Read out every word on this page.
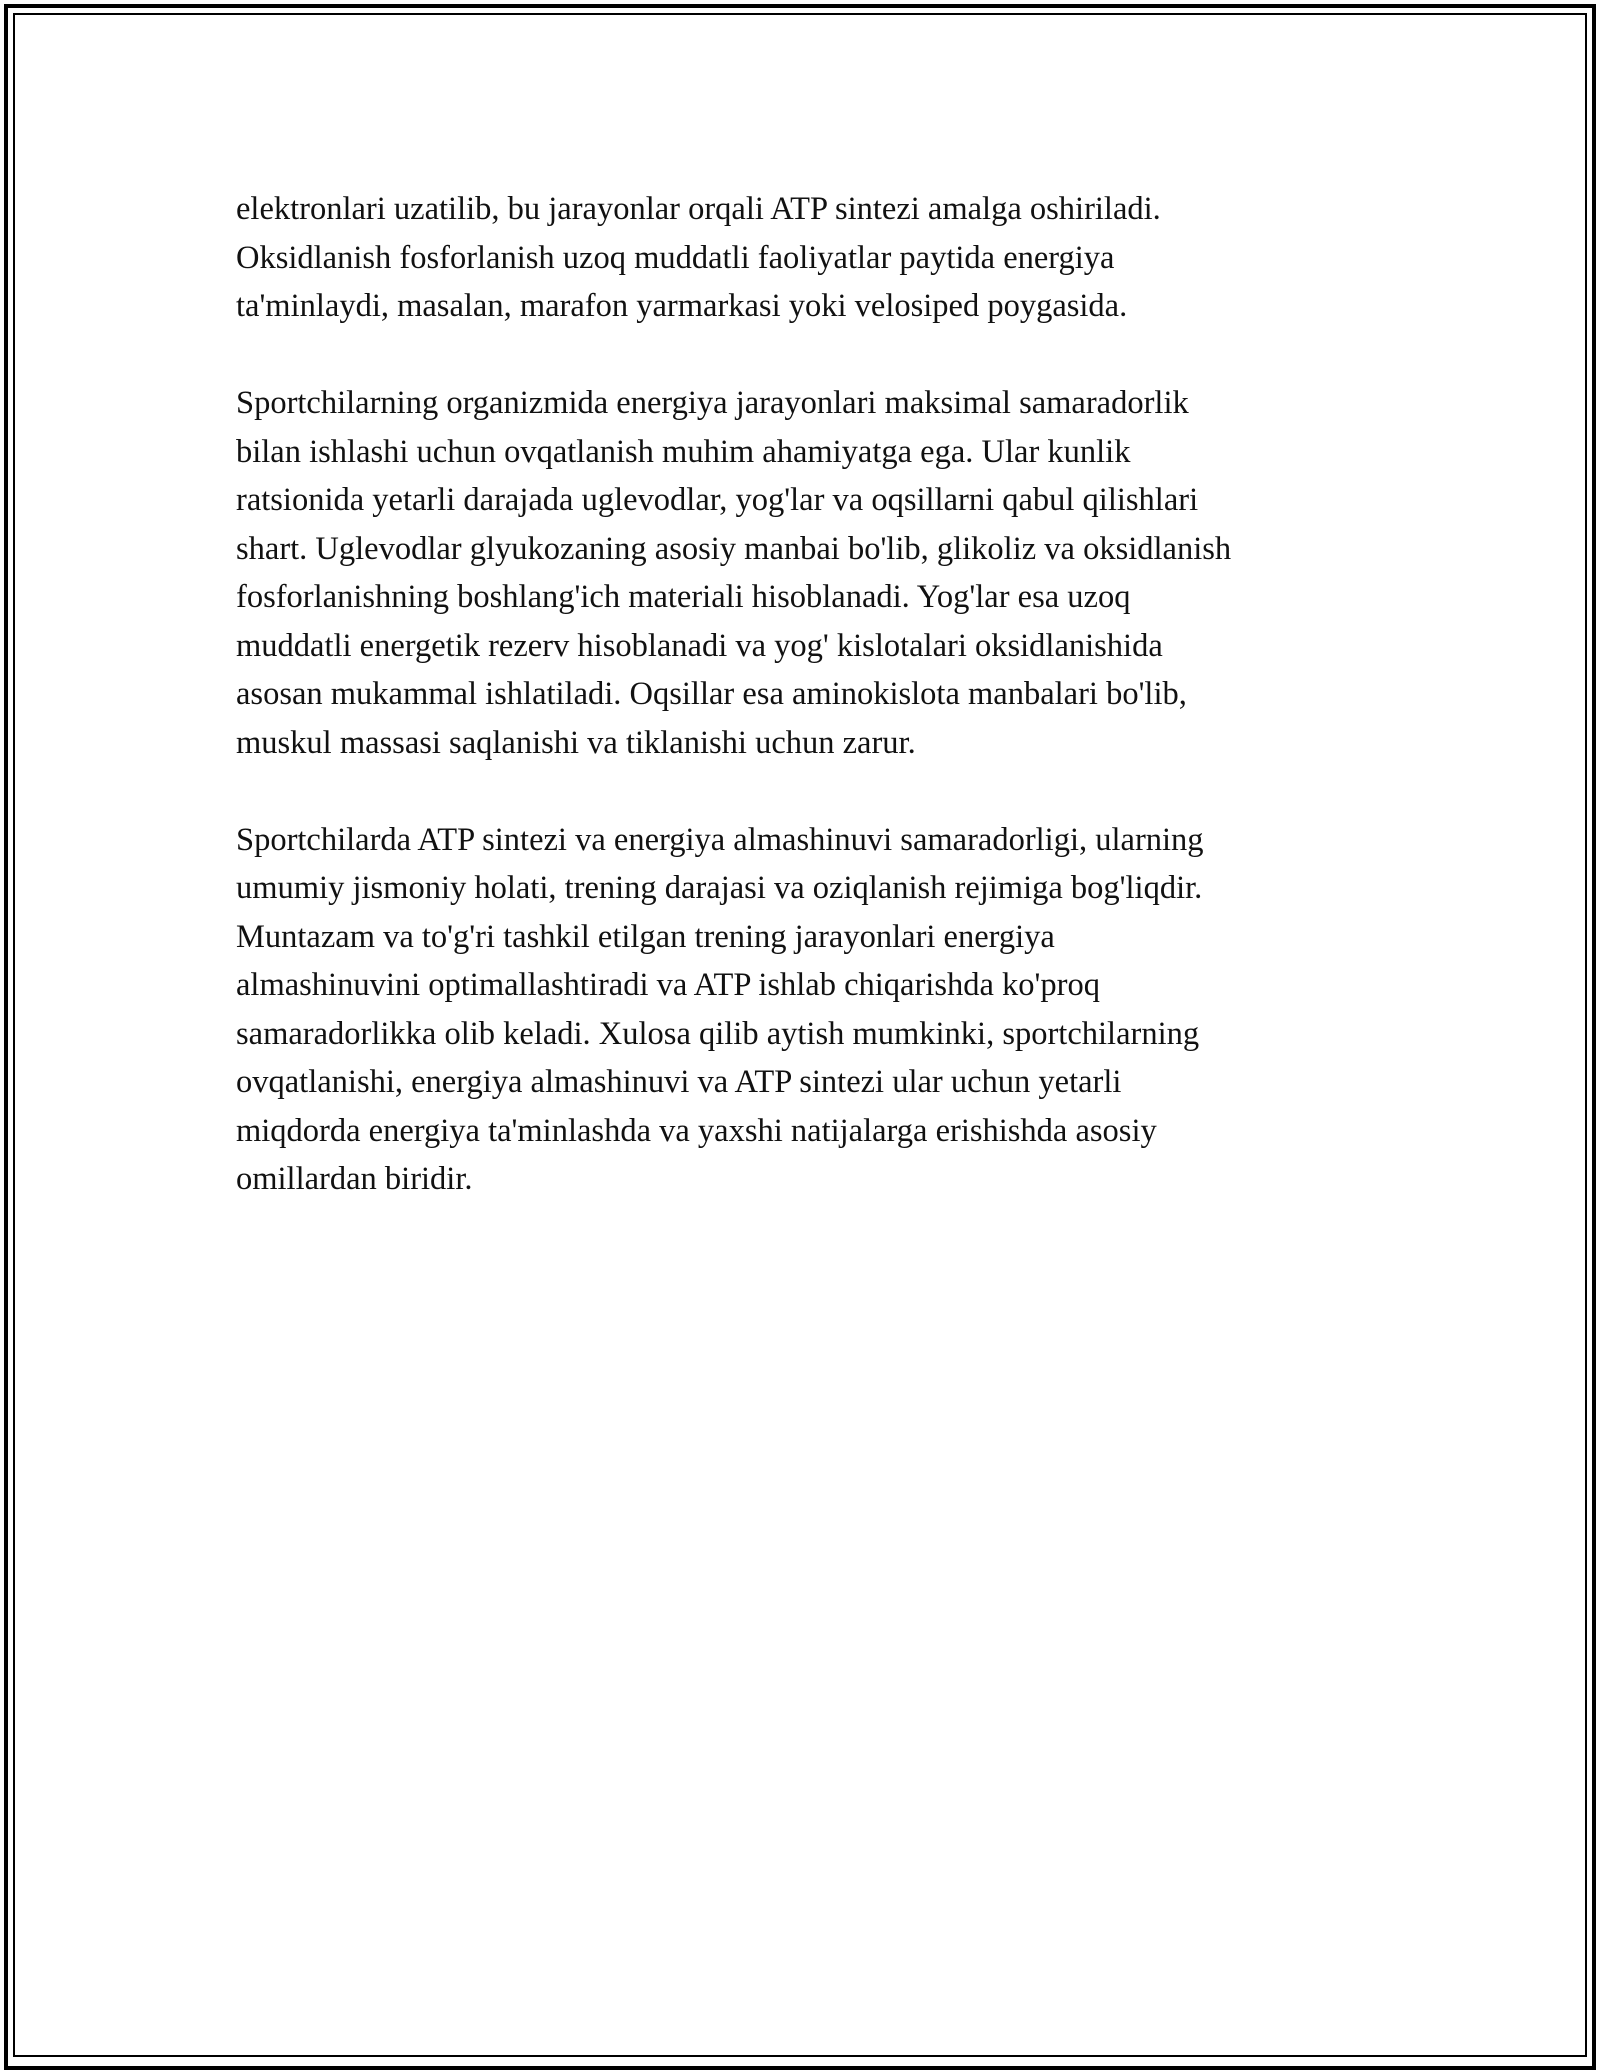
elektronlari uzatilib, bu jarayonlar orqali ATP sintezi amalga oshiriladi.
Oksidlanish fosforlanish uzoq muddatli faoliyatlar paytida energiya
ta'minlaydi, masalan, marafon yarmarkasi yoki velosiped poygasida.

Sportchilarning organizmida energiya jarayonlari maksimal samaradorlik
bilan ishlashi uchun ovqatlanish muhim ahamiyatga ega. Ular kunlik
ratsionida yetarli darajada uglevodlar, yog'lar va oqsillarni qabul qilishlari
shart. Uglevodlar glyukozaning asosiy manbai bo'lib, glikoliz va oksidlanish
fosforlanishning boshlang'ich materiali hisoblanadi. Yog'lar esa uzoq
muddatli energetik rezerv hisoblanadi va yog' kislotalari oksidlanishida
asosan mukammal ishlatiladi. Oqsillar esa aminokislota manbalari bo'lib,
muskul massasi saqlanishi va tiklanishi uchun zarur.

Sportchilarda ATP sintezi va energiya almashinuvi samaradorligi, ularning
umumiy jismoniy holati, trening darajasi va oziqlanish rejimiga bog'liqdir.
Muntazam va to'g'ri tashkil etilgan trening jarayonlari energiya
almashinuvini optimallashtiradi va ATP ishlab chiqarishda ko'proq
samaradorlikka olib keladi. Xulosa qilib aytish mumkinki, sportchilarning
ovqatlanishi, energiya almashinuvi va ATP sintezi ular uchun yetarli
miqdorda energiya ta'minlashda va yaxshi natijalarga erishishda asosiy
omillardan biridir.
